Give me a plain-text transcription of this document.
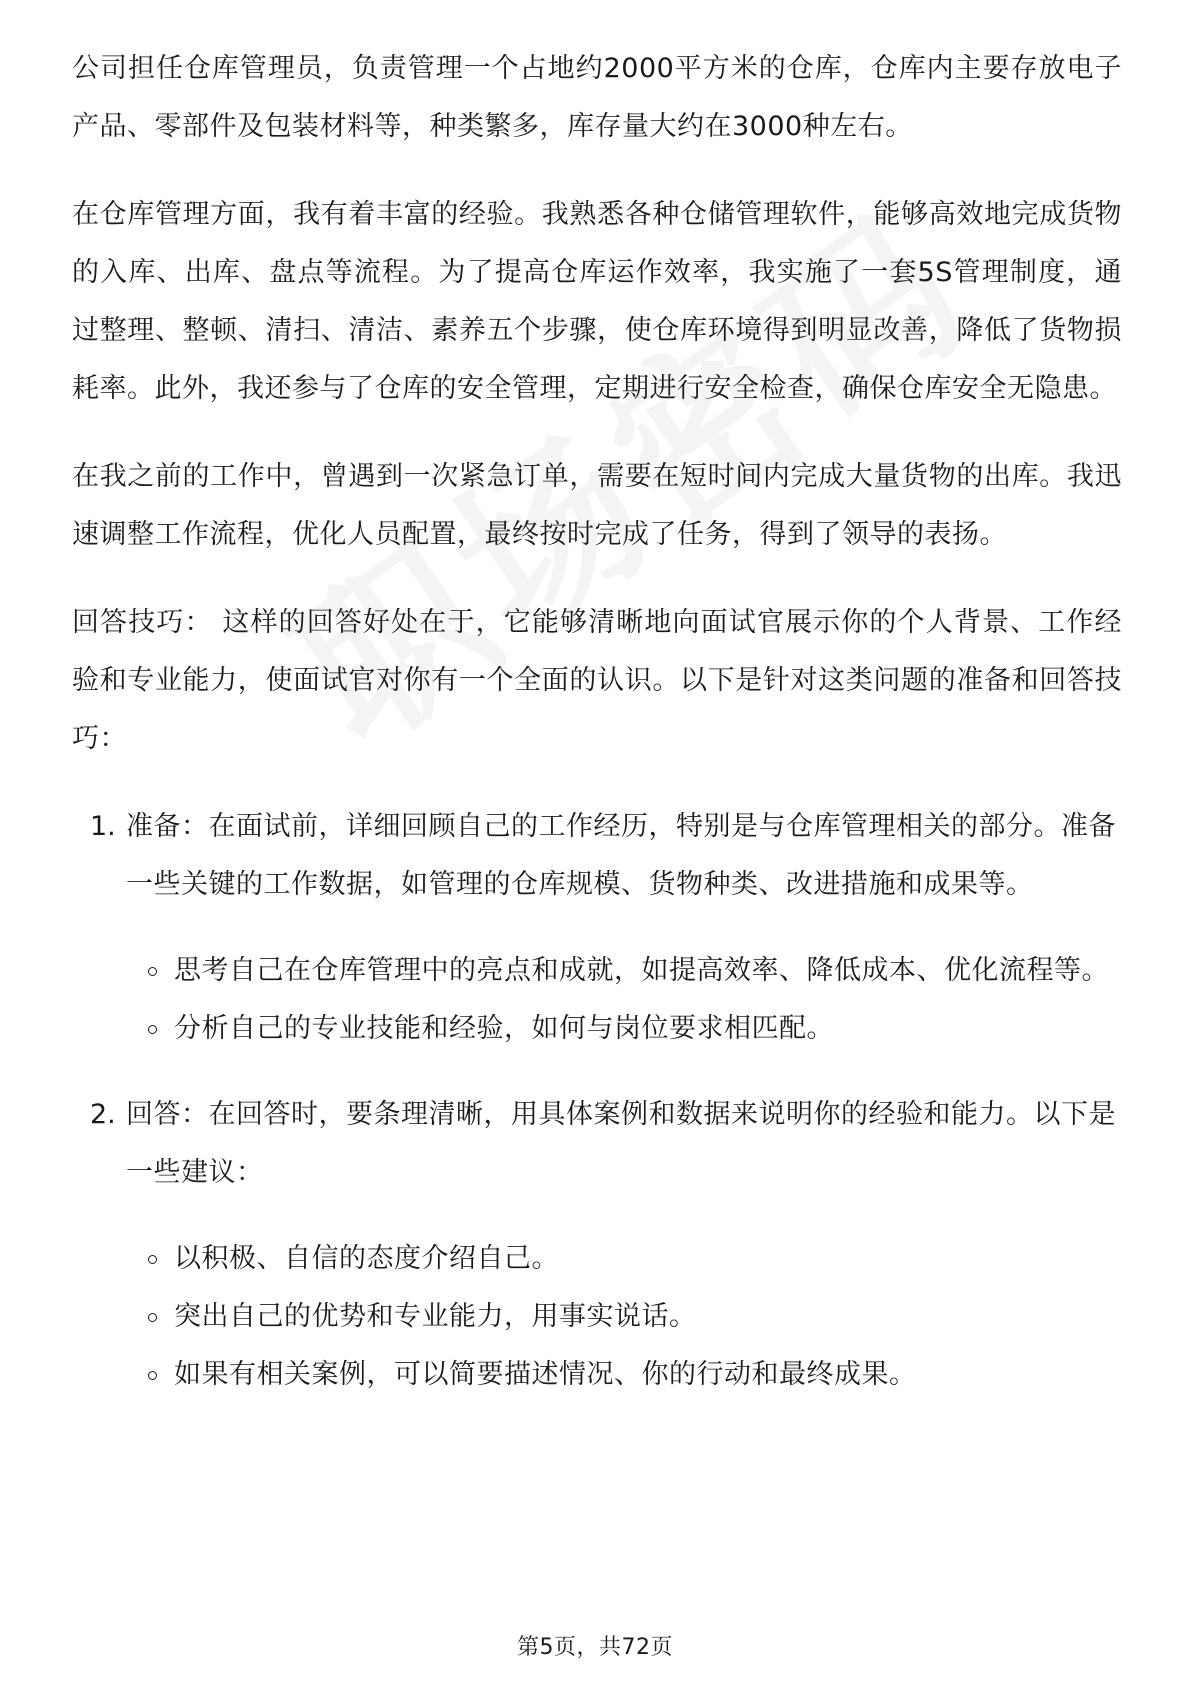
公司担任仓库管理员，负责管理一个占地约2000平方米的仓库，仓库内主要存放电子产品、零部件及包装材料等，种类繁多，库存量大约在3000种左右。

在仓库管理方面，我有着丰富的经验。我熟悉各种仓储管理软件，能够高效地完成货物的入库、出库、盘点等流程。为了提高仓库运作效率，我实施了一套5S管理制度，通过整理、整顿、清扫、清洁、素养五个步骤，使仓库环境得到明显改善，降低了货物损耗率。此外，我还参与了仓库的安全管理，定期进行安全检查，确保仓库安全无隐患。

在我之前的工作中，曾遇到一次紧急订单，需要在短时间内完成大量货物的出库。我迅速调整工作流程，优化人员配置，最终按时完成了任务，得到了领导的表扬。

回答技巧： 这样的回答好处在于，它能够清晰地向面试官展示你的个人背景、工作经验和专业能力，使面试官对你有一个全面的认识。以下是针对这类问题的准备和回答技巧：

1. 准备：在面试前，详细回顾自己的工作经历，特别是与仓库管理相关的部分。准备一些关键的工作数据，如管理的仓库规模、货物种类、改进措施和成果等。
思考自己在仓库管理中的亮点和成就，如提高效率、降低成本、优化流程等。
分析自己的专业技能和经验，如何与岗位要求相匹配。
2. 回答：在回答时，要条理清晰，用具体案例和数据来说明你的经验和能力。以下是一些建议：
以积极、自信的态度介绍自己。
突出自己的优势和专业能力，用事实说话。
如果有相关案例，可以简要描述情况、你的行动和最终成果。
第5页，共72页
